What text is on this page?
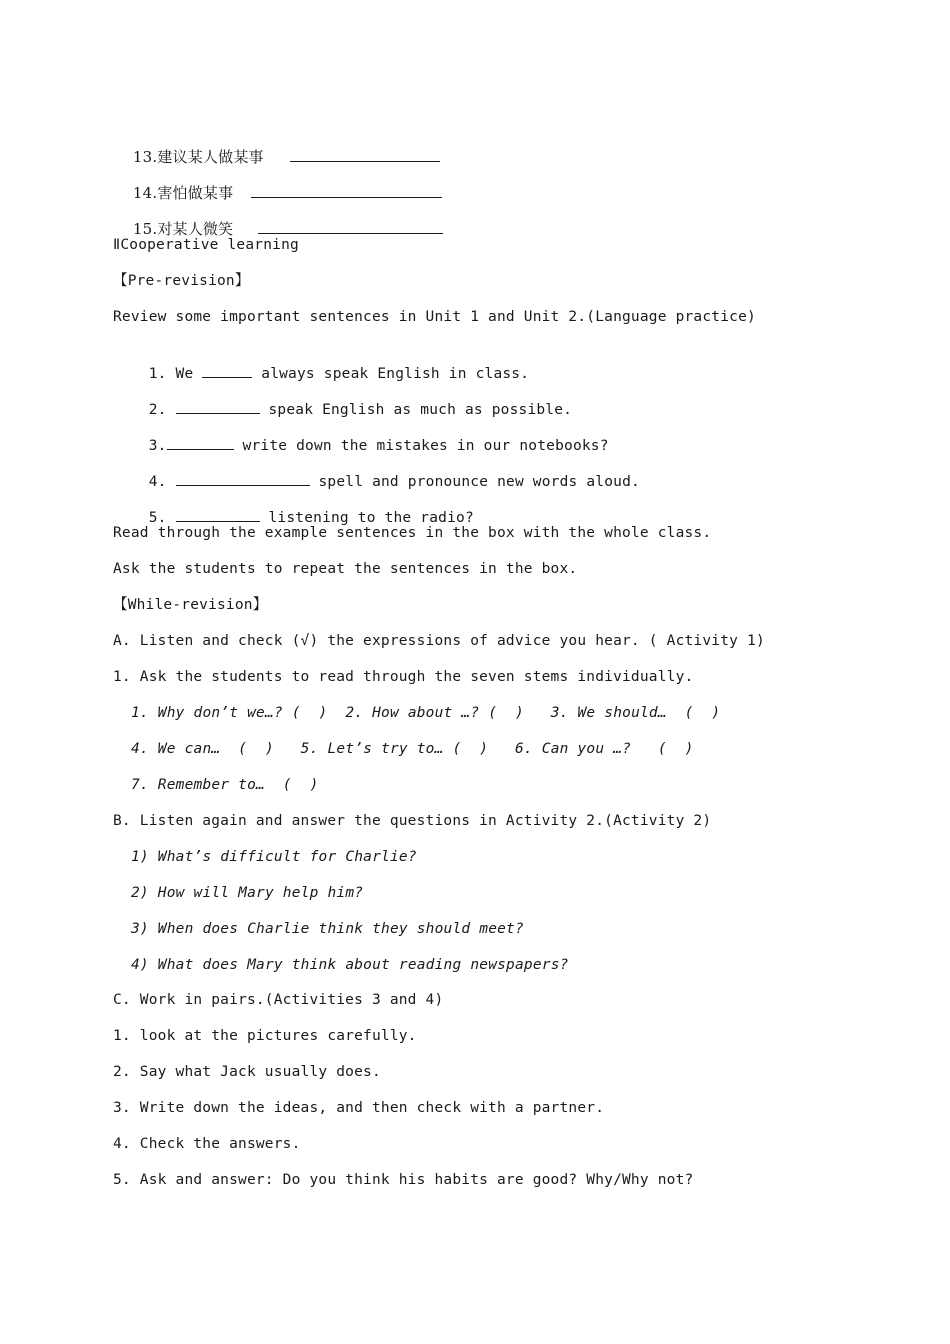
13.建议某人做某事

14.害怕做某事

15.对某人微笑

ⅡCooperative learning
【Pre-revision】
Review some important sentences in Unit 1 and Unit 2.(Language practice)

1. We	always speak English in class.

2.	speak English as much as possible.

3.	write down the mistakes in our notebooks?

4.	spell and pronounce new words aloud.

5.	listening to the radio?

Read through the example sentences in the box with the whole class.
Ask the students to repeat the sentences in the box.
【While-revision】
A. Listen and check (√) the expressions of advice you hear. ( Activity 1)
1. Ask the students to read through the seven stems individually.
1. Why don’t we…? (  )  2. How about …? (  )   3. We should…  (  )
4. We can…  (  )   5. Let’s try to… (  )   6. Can you …?   (  )
7. Remember to…  (  )
B. Listen again and answer the questions in Activity 2.(Activity 2)
1) What’s difficult for Charlie?
2) How will Mary help him?
3) When does Charlie think they should meet?
4) What does Mary think about reading newspapers?
C. Work in pairs.(Activities 3 and 4)
1. look at the pictures carefully.
2. Say what Jack usually does.
3. Write down the ideas, and then check with a partner.
4. Check the answers.
5. Ask and answer: Do you think his habits are good? Why/Why not?
